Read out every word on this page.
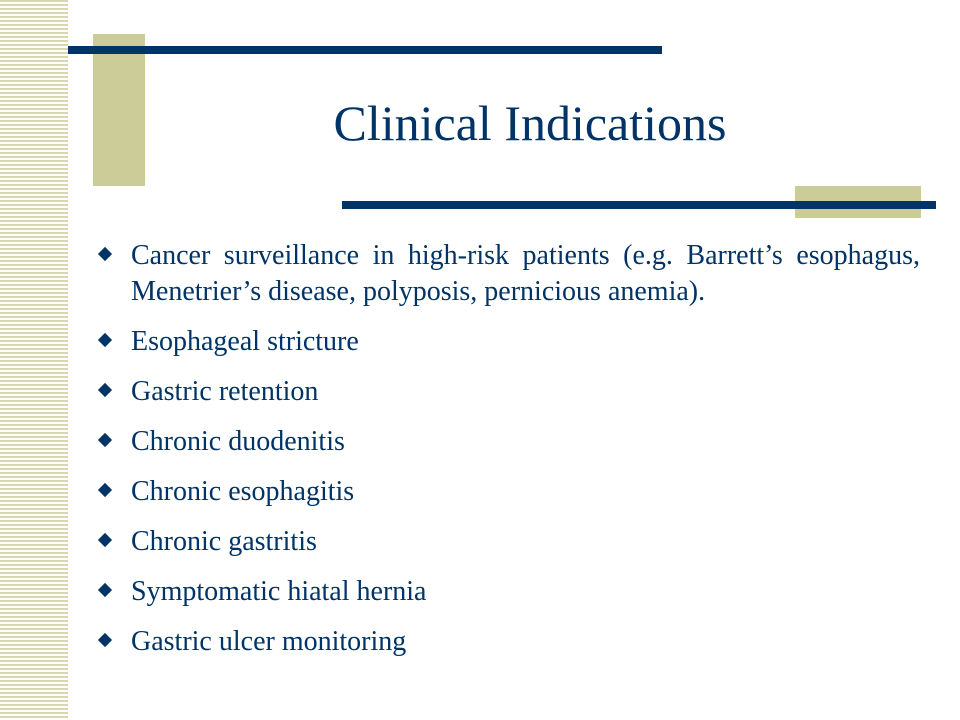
Clinical Indications
Cancer surveillance in high-risk patients (e.g. Barrett’s esophagus, Menetrier’s disease, polyposis, pernicious anemia).
Esophageal stricture
Gastric retention
Chronic duodenitis
Chronic esophagitis
Chronic gastritis
Symptomatic hiatal hernia
Gastric ulcer monitoring
